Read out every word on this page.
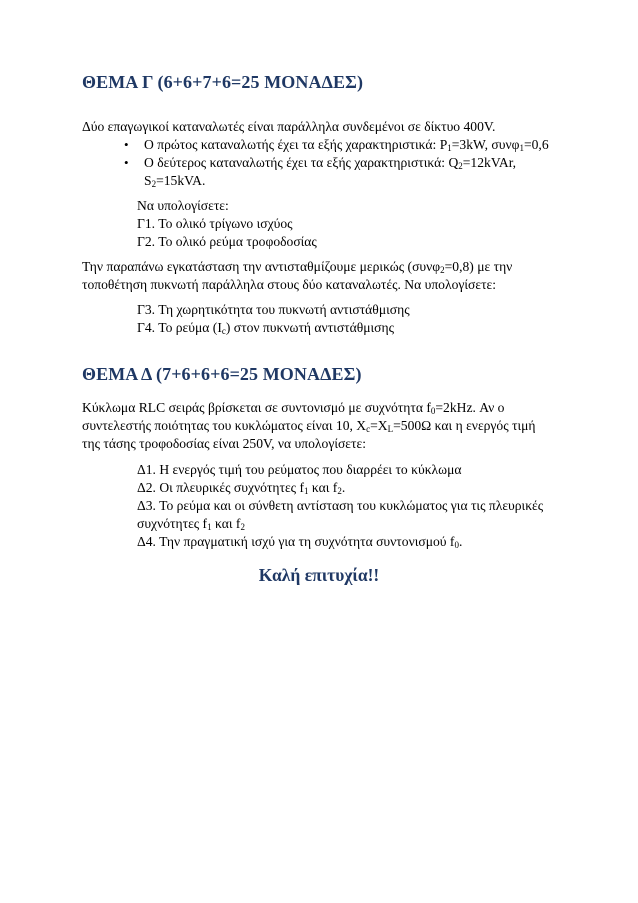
ΘΕΜΑ Γ (6+6+7+6=25 ΜΟΝΑΔΕΣ)
Δύο επαγωγικοί καταναλωτές είναι παράλληλα συνδεμένοι σε δίκτυο 400V.
• Ο πρώτος καταναλωτής έχει τα εξής χαρακτηριστικά: $P_1=3kW$, συνφ$_1$=0,6
• Ο δεύτερος καταναλωτής έχει τα εξής χαρακτηριστικά: $Q_2=12kVAr$,
$S_2=15kVA$.
Να υπολογίσετε:
Γ1. Το ολικό τρίγωνο ισχύος
Γ2. Το ολικό ρεύμα τροφοδοσίας
Την παραπάνω εγκατάσταση την αντισταθμίζουμε μερικώς (συνφ$_2$=0,8) με την
τοποθέτηση πυκνωτή παράλληλα στους δύο καταναλωτές. Να υπολογίσετε:
Γ3. Τη χωρητικότητα του πυκνωτή αντιστάθμισης
Γ4. Το ρεύμα $(I_c)$ στον πυκνωτή αντιστάθμισης
ΘΕΜΑ Δ (7+6+6+6=25 ΜΟΝΑΔΕΣ)
Κύκλωμα RLC σειράς βρίσκεται σε συντονισμό με συχνότητα $f_0=2kHz$. Αν ο
συντελεστής ποιότητας του κυκλώματος είναι 10, $X_c=X_L=500\Omega$ και η ενεργός τιμή
της τάσης τροφοδοσίας είναι 250V, να υπολογίσετε:
Δ1. Η ενεργός τιμή του ρεύματος που διαρρέει το κύκλωμα
Δ2. Οι πλευρικές συχνότητες $f_1$ και $f_2$.
Δ3. Το ρεύμα και οι σύνθετη αντίσταση του κυκλώματος για τις πλευρικές
συχνότητες $f_1$ και $f_2$
Δ4. Την πραγματική ισχύ για τη συχνότητα συντονισμού $f_0$.
Καλή επιτυχία!!
